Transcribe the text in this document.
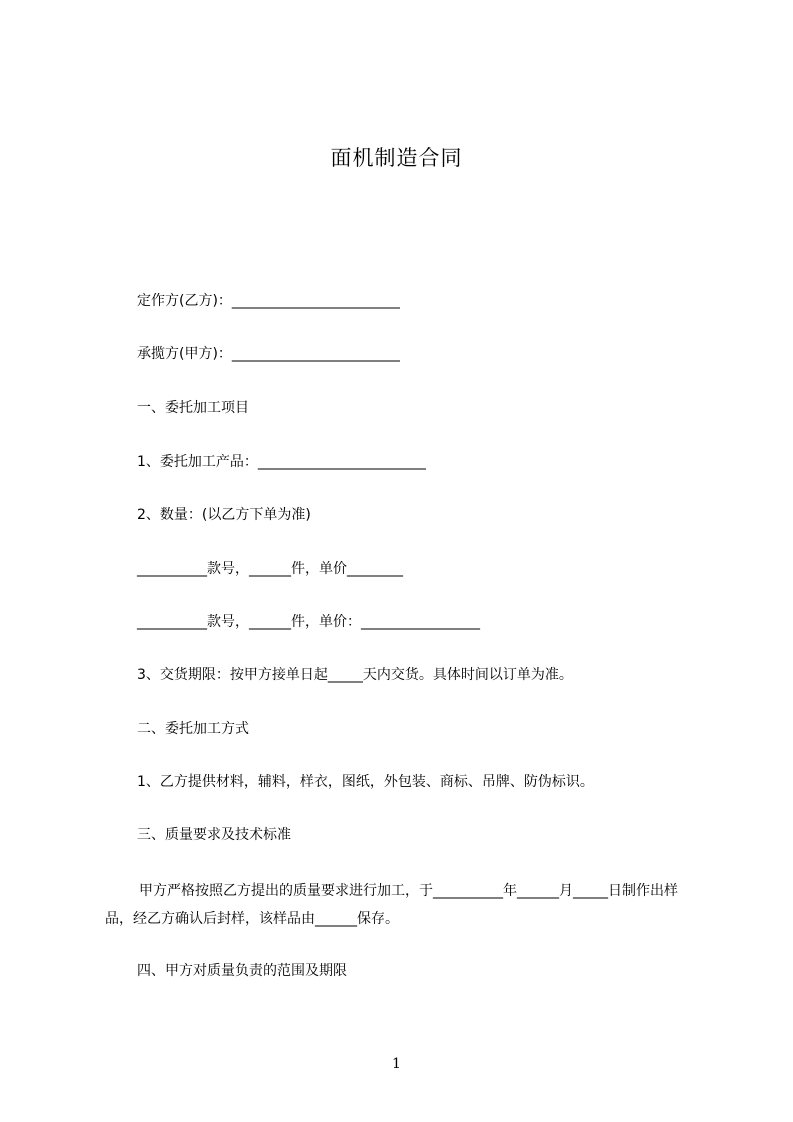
面机制造合同
定作方(乙方)：________________________
承揽方(甲方)：________________________
一、委托加工项目
1、委托加工产品：________________________
2、数量：(以乙方下单为准)
__________款号，______件，单价________
__________款号，______件，单价：_________________
3、交货期限：按甲方接单日起_____天内交货。具体时间以订单为准。
二、委托加工方式
1、乙方提供材料，辅料，样衣，图纸，外包装、商标、吊牌、防伪标识。
三、质量要求及技术标准
甲方严格按照乙方提出的质量要求进行加工，于__________年______月_____日制作出样品，经乙方确认后封样，该样品由______保存。
四、甲方对质量负责的范围及期限
1
